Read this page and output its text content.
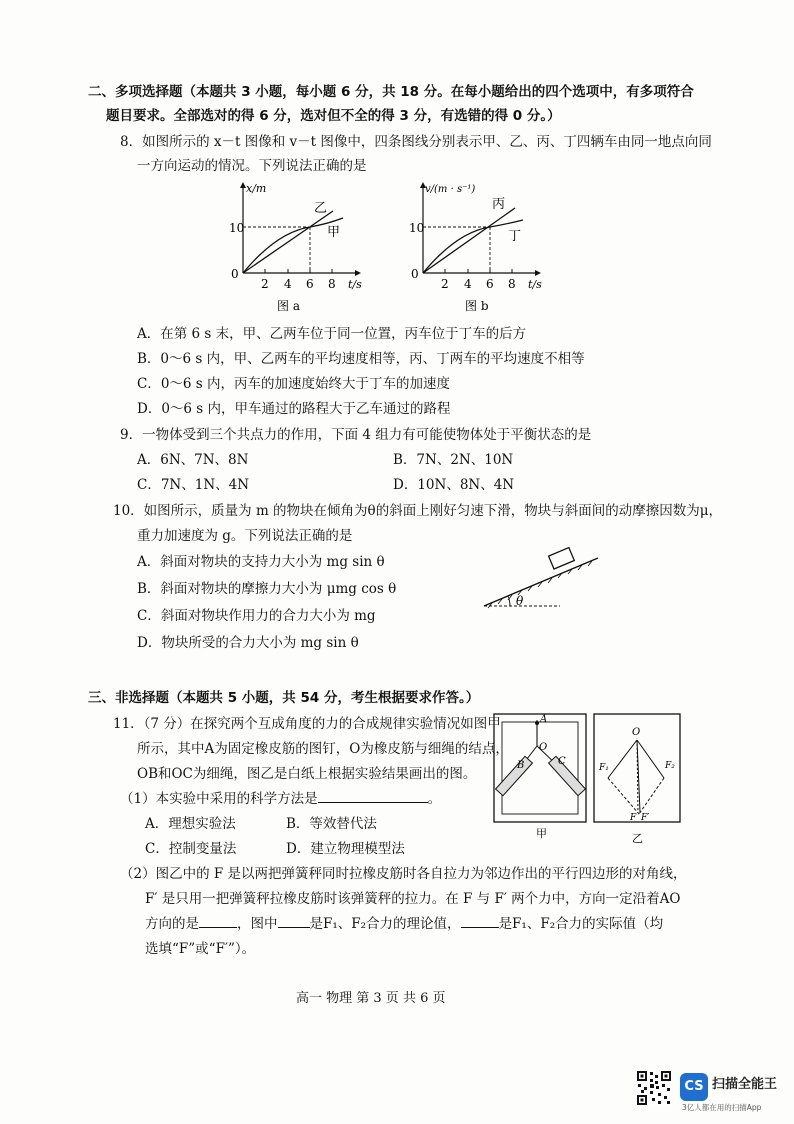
二、多项选择题（本题共 3 小题，每小题 6 分，共 18 分。在每小题给出的四个选项中，有多项符合
题目要求。全部选对的得 6 分，选对但不全的得 3 分，有选错的得 0 分。）
8．如图所示的 x－t 图像和 v－t 图像中，四条图线分别表示甲、乙、丙、丁四辆车由同一地点向同
一方向运动的情况。下列说法正确的是
x/m
10
0
2 4 6 8 t/s
乙
甲
图 a
v/(m · s⁻¹)
10
0
2 4 6 8 t/s
丙
丁
图 b
A．在第 6 s 末，甲、乙两车位于同一位置，丙车位于丁车的后方
B．0～6 s 内，甲、乙两车的平均速度相等，丙、丁两车的平均速度不相等
C．0～6 s 内，丙车的加速度始终大于丁车的加速度
D．0～6 s 内，甲车通过的路程大于乙车通过的路程
9．一物体受到三个共点力的作用，下面 4 组力有可能使物体处于平衡状态的是
A．6N、7N、8N	B．7N、2N、10N
C．7N、1N、4N	D．10N、8N、4N
10．如图所示，质量为 m 的物块在倾角为θ的斜面上刚好匀速下滑，物块与斜面间的动摩擦因数为μ，
重力加速度为 g。下列说法正确的是
A．斜面对物块的支持力大小为 mg sin θ
B．斜面对物块的摩擦力大小为 μmg cos θ
C．斜面对物块作用力的合力大小为 mg
D．物块所受的合力大小为 mg sin θ
θ
三、非选择题（本题共 5 小题，共 54 分，考生根据要求作答。）
11．（7 分）在探究两个互成角度的力的合成规律实验情况如图甲
所示，其中A为固定橡皮筋的图钉，O为橡皮筋与细绳的结点，
OB和OC为细绳，图乙是白纸上根据实验结果画出的图。
（1）本实验中采用的科学方法是	。
A．理想实验法	B．等效替代法
C．控制变量法	D．建立物理模型法
A
O
B	C
甲
O
F₁	F₂
F F′
乙
（2）图乙中的 F 是以两把弹簧秤同时拉橡皮筋时各自拉力为邻边作出的平行四边形的对角线，
F′ 是只用一把弹簧秤拉橡皮筋时该弹簧秤的拉力。在 F 与 F′ 两个力中，方向一定沿着AO
方向的是	，图中 是F₁、F₂合力的理论值，	是F₁、F₂合力的实际值（均
选填“F”或“F′”）。
高一 物理 第 3 页 共 6 页
CS 扫描全能王
3亿人都在用的扫描App
